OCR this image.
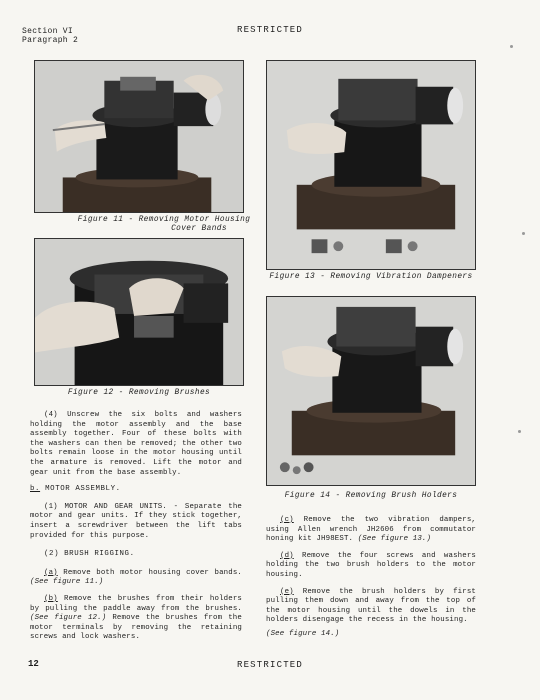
Section VI
Paragraph 2
RESTRICTED
Figure 11 - Removing Motor Housing
Cover Bands
Figure 12 - Removing Brushes
Figure 13 - Removing Vibration Dampeners
Figure 14 - Removing Brush Holders

(4) Unscrew the six bolts and washers holding the motor assembly and the base assembly together. Four of these bolts with the washers can then be removed; the other two bolts remain loose in the motor housing until the armature is removed. Lift the motor and gear unit from the base assembly.

b. MOTOR ASSEMBLY.

(1) MOTOR AND GEAR UNITS. - Separate the motor and gear units. If they stick together, insert a screwdriver between the lift tabs provided for this purpose.

(2) BRUSH RIGGING.

(a) Remove both motor housing cover bands. (See figure 11.)

(b) Remove the brushes from their holders by pulling the paddle away from the brushes. (See figure 12.) Remove the brushes from the motor terminals by removing the retaining screws and lock washers.

(c) Remove the two vibration dampers, using Allen wrench JH2606 from commutator honing kit JH98EST. (See figure 13.)

(d) Remove the four screws and washers holding the two brush holders to the motor housing.

(e) Remove the brush holders by first pulling them down and away from the top of the motor housing until the dowels in the holders disengage the recess in the housing.

(See figure 14.)

12	RESTRICTED
